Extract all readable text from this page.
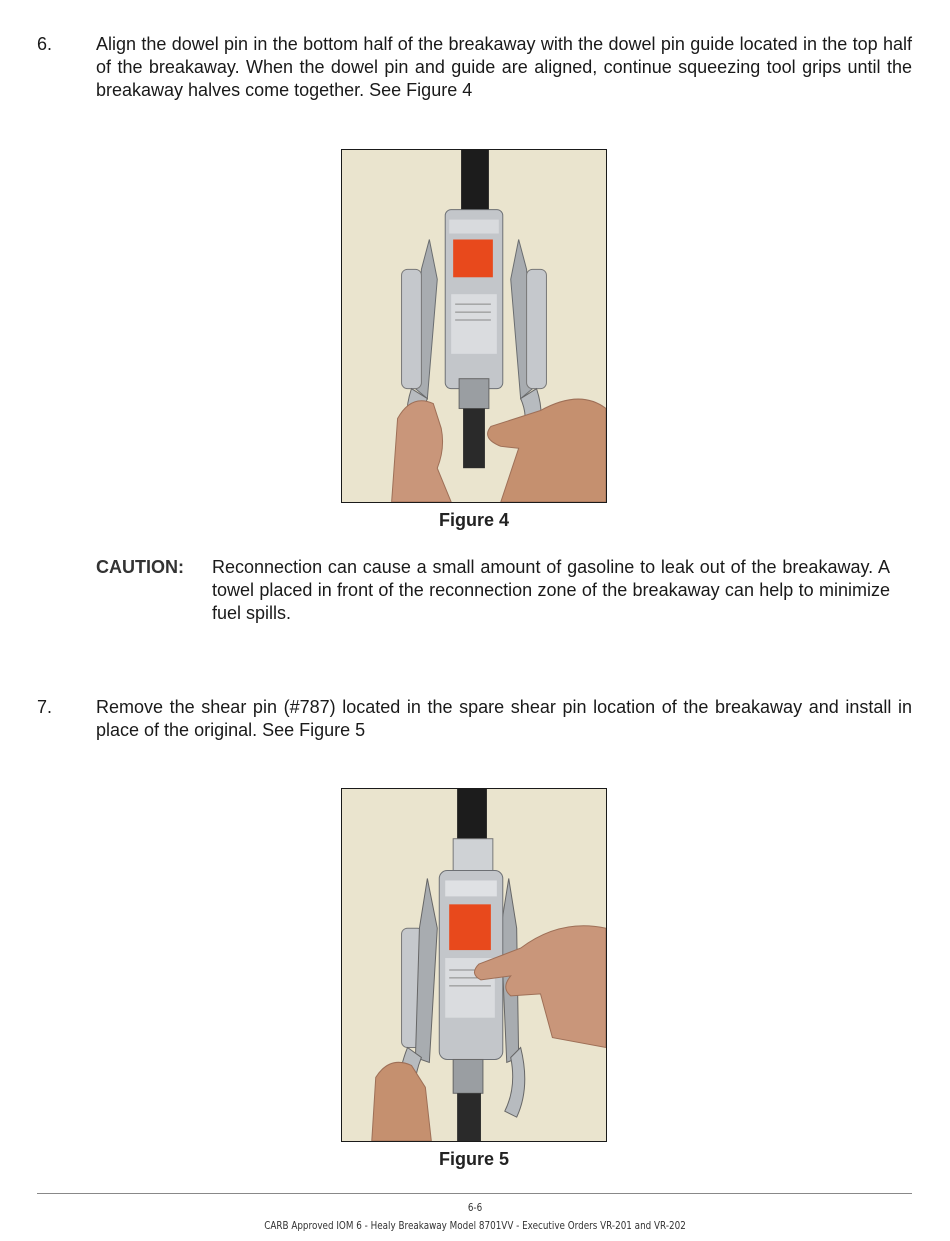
6. Align the dowel pin in the bottom half of the breakaway with the dowel pin guide located in the top half of the breakaway. When the dowel pin and guide are aligned, continue squeezing tool grips until the breakaway halves come together. See Figure 4
Figure 4
CAUTION: Reconnection can cause a small amount of gasoline to leak out of the breakaway. A towel placed in front of the reconnection zone of the breakaway can help to minimize fuel spills.
7. Remove the shear pin (#787) located in the spare shear pin location of the breakaway and install in place of the original. See Figure 5
Figure 5
6-6
CARB Approved IOM 6 - Healy Breakaway Model 8701VV - Executive Orders VR-201 and VR-202
